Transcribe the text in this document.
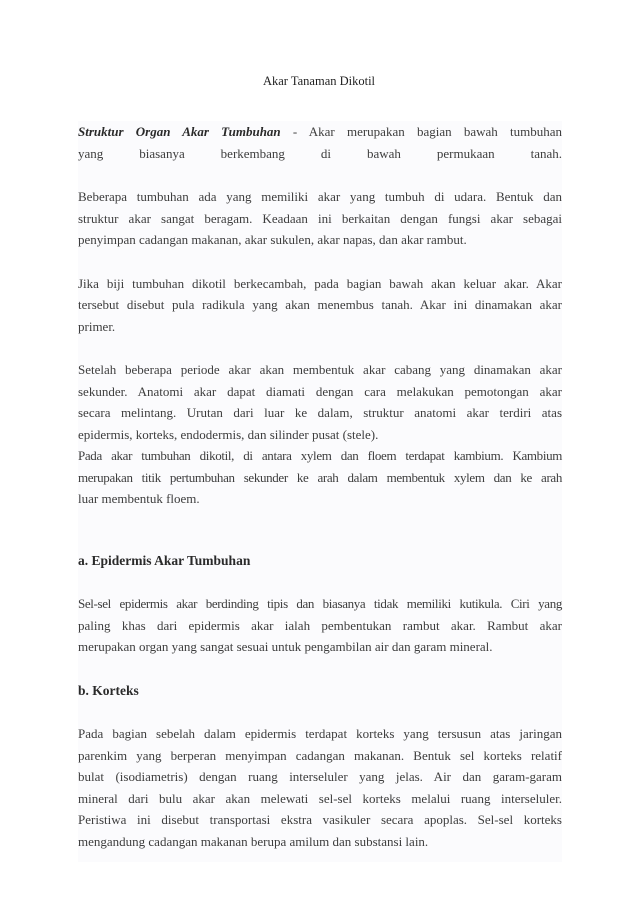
Akar Tanaman Dikotil

Struktur Organ Akar Tumbuhan - Akar merupakan bagian bawah tumbuhan

yang biasanya berkembang di bawah permukaan tanah.

Beberapa tumbuhan ada yang memiliki akar yang tumbuh di udara. Bentuk dan

struktur akar sangat beragam. Keadaan ini berkaitan dengan fungsi akar sebagai

penyimpan cadangan makanan, akar sukulen, akar napas, dan akar rambut.

Jika biji tumbuhan dikotil berkecambah, pada bagian bawah akan keluar akar. Akar

tersebut disebut pula radikula yang akan menembus tanah. Akar ini dinamakan akar

primer.

Setelah beberapa periode akar akan membentuk akar cabang yang dinamakan akar

sekunder. Anatomi akar dapat diamati dengan cara melakukan pemotongan akar

secara melintang. Urutan dari luar ke dalam, struktur anatomi akar terdiri atas

epidermis, korteks, endodermis, dan silinder pusat (stele).

Pada akar tumbuhan dikotil, di antara xylem dan floem terdapat kambium. Kambium

merupakan titik pertumbuhan sekunder ke arah dalam membentuk xylem dan ke arah

luar membentuk floem.

a. Epidermis Akar Tumbuhan

Sel-sel epidermis akar berdinding tipis dan biasanya tidak memiliki kutikula. Ciri yang

paling khas dari epidermis akar ialah pembentukan rambut akar. Rambut akar

merupakan organ yang sangat sesuai untuk pengambilan air dan garam mineral.

b. Korteks

Pada bagian sebelah dalam epidermis terdapat korteks yang tersusun atas jaringan

parenkim yang berperan menyimpan cadangan makanan. Bentuk sel korteks relatif

bulat (isodiametris) dengan ruang interseluler yang jelas. Air dan garam-garam

mineral dari bulu akar akan melewati sel-sel korteks melalui ruang interseluler.

Peristiwa ini disebut transportasi ekstra vasikuler secara apoplas. Sel-sel korteks

mengandung cadangan makanan berupa amilum dan substansi lain.
